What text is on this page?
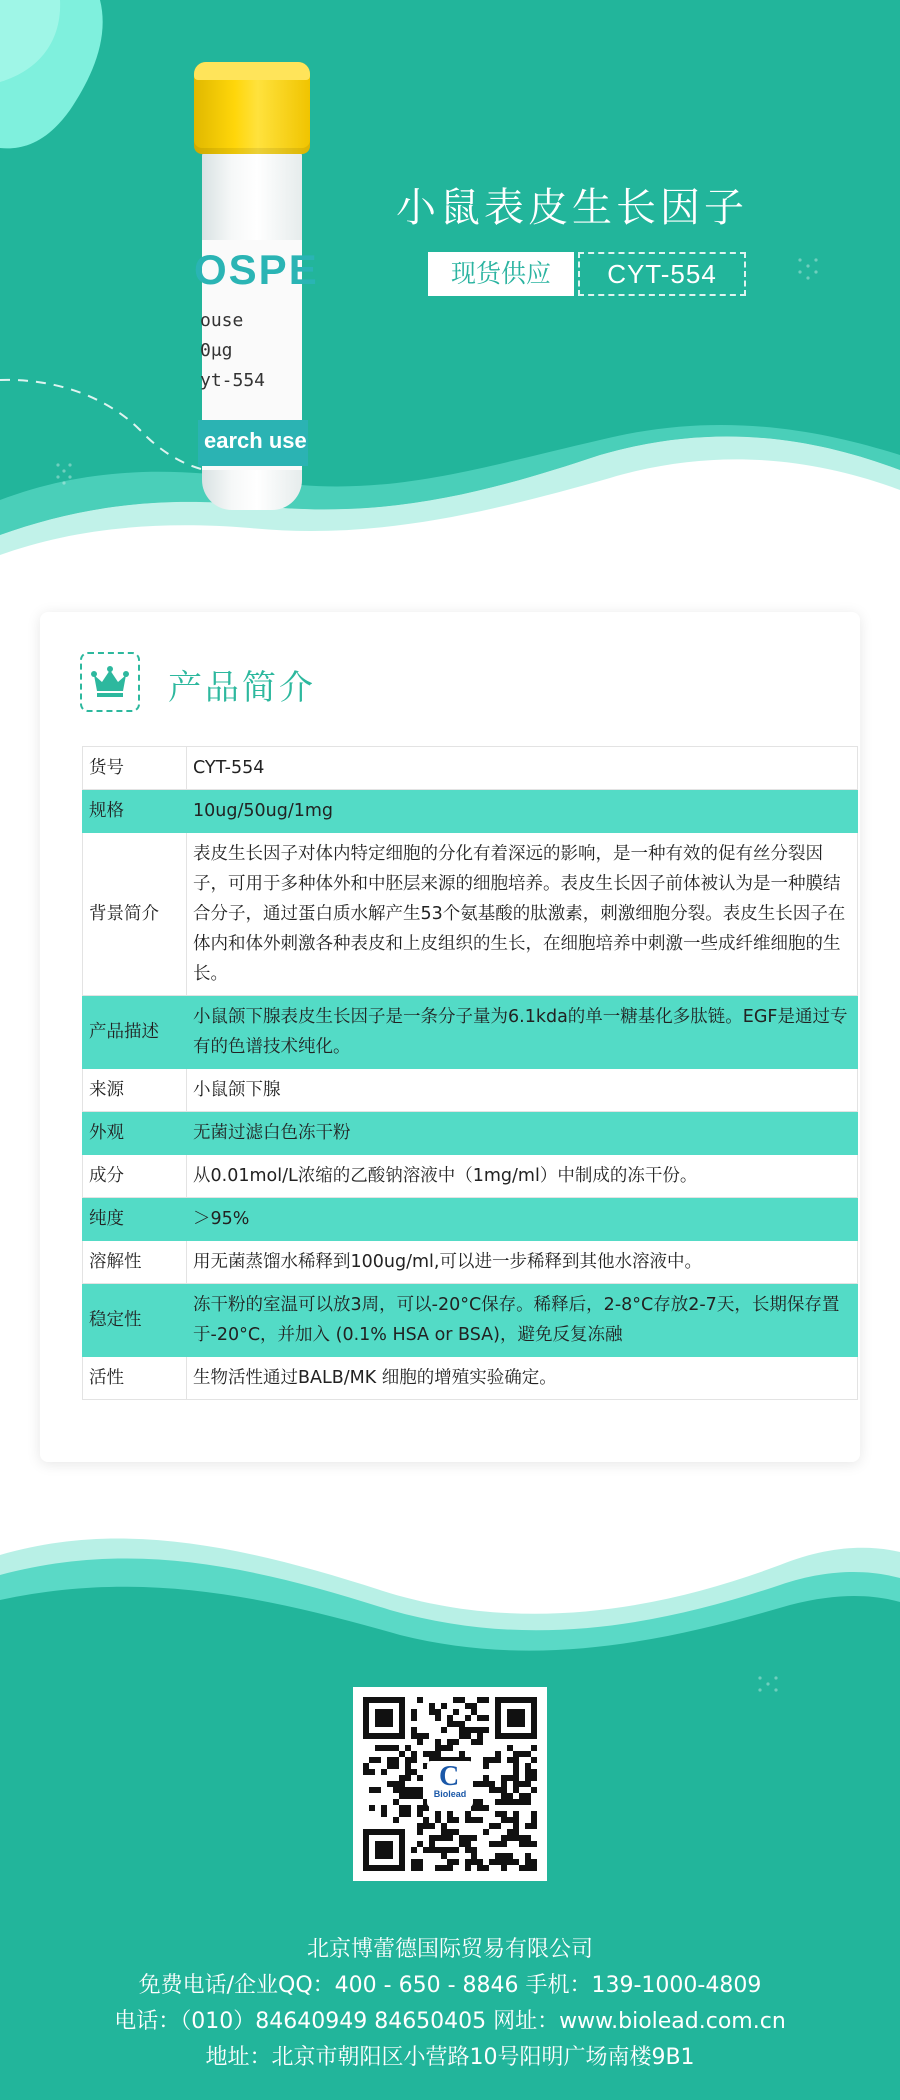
OSPE
ouse
0μg
yt-554
earch use
小鼠表皮生长因子
现货供应	CYT-554
产品简介
货号	CYT-554
规格	10ug/50ug/1mg
背景简介	表皮生长因子对体内特定细胞的分化有着深远的影响，是一种有效的促有丝分裂因子，可用于多种体外和中胚层来源的细胞培养。表皮生长因子前体被认为是一种膜结合分子，通过蛋白质水解产生53个氨基酸的肽激素，刺激细胞分裂。表皮生长因子在体内和体外刺激各种表皮和上皮组织的生长，在细胞培养中刺激一些成纤维细胞的生长。
产品描述	小鼠颌下腺表皮生长因子是一条分子量为6.1kda的单一糖基化多肽链。EGF是通过专有的色谱技术纯化。
来源	小鼠颌下腺
外观	无菌过滤白色冻干粉
成分	从0.01mol/L浓缩的乙酸钠溶液中（1mg/ml）中制成的冻干份。
纯度	＞95%
溶解性	用无菌蒸馏水稀释到100ug/ml,可以进一步稀释到其他水溶液中。
稳定性	冻干粉的室温可以放3周，可以-20°C保存。稀释后，2-8°C存放2-7天，长期保存置于-20°C，并加入 (0.1% HSA or BSA)，避免反复冻融
活性	生物活性通过BALB/MK 细胞的增殖实验确定。
C
Biolead
北京博蕾德国际贸易有限公司
免费电话/企业QQ：400 - 650 - 8846 手机：139-1000-4809
电话：（010）84640949 84650405 网址：www.biolead.com.cn
地址：北京市朝阳区小营路10号阳明广场南楼9B1
